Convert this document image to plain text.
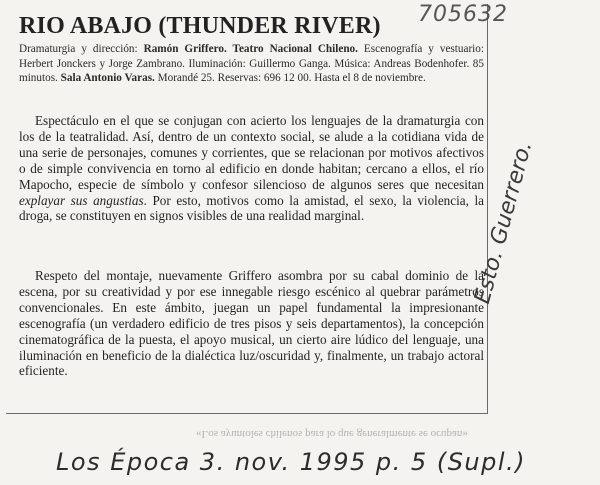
RIO ABAJO (THUNDER RIVER)
Dramaturgia y dirección: Ramón Griffero. Teatro Nacional Chileno. Escenografía y vestuario: Herbert Jonckers y Jorge Zambrano. Iluminación: Guillermo Ganga. Música: Andreas Bodenhofer. 85 minutos. Sala Antonio Varas. Morandé 25. Reservas: 696 12 00. Hasta el 8 de noviembre.

Espectáculo en el que se conjugan con acierto los lenguajes de la dramaturgia con los de la teatralidad. Así, dentro de un contexto social, se alude a la cotidiana vida de una serie de personajes, comunes y corrientes, que se relacionan por motivos afectivos o de simple convivencia en torno al edificio en donde habitan; cercano a ellos, el río Mapocho, especie de símbolo y confesor silencioso de algunos seres que necesitan explayar sus angustias. Por esto, motivos como la amistad, el sexo, la violencia, la droga, se constituyen en signos visibles de una realidad marginal.

Respeto del montaje, nuevamente Griffero asombra por su cabal dominio de la escena, por su creatividad y por ese innegable riesgo escénico al quebrar parámetros convencionales. En este ámbito, juegan un papel fundamental la impresionante escenografía (un verdadero edificio de tres pisos y seis departamentos), la concepción cinematográfica de la puesta, el apoyo musical, un cierto aire lúdico del lenguaje, una iluminación en beneficio de la dialéctica luz/oscuridad y, finalmente, un trabajo actoral eficiente.

«Los ayuntoles chilenos para lo que generalmente se ocupan»
705632
Los Época 3. nov. 1995 p. 5 (Supl.)
Esto. Guerrero.
